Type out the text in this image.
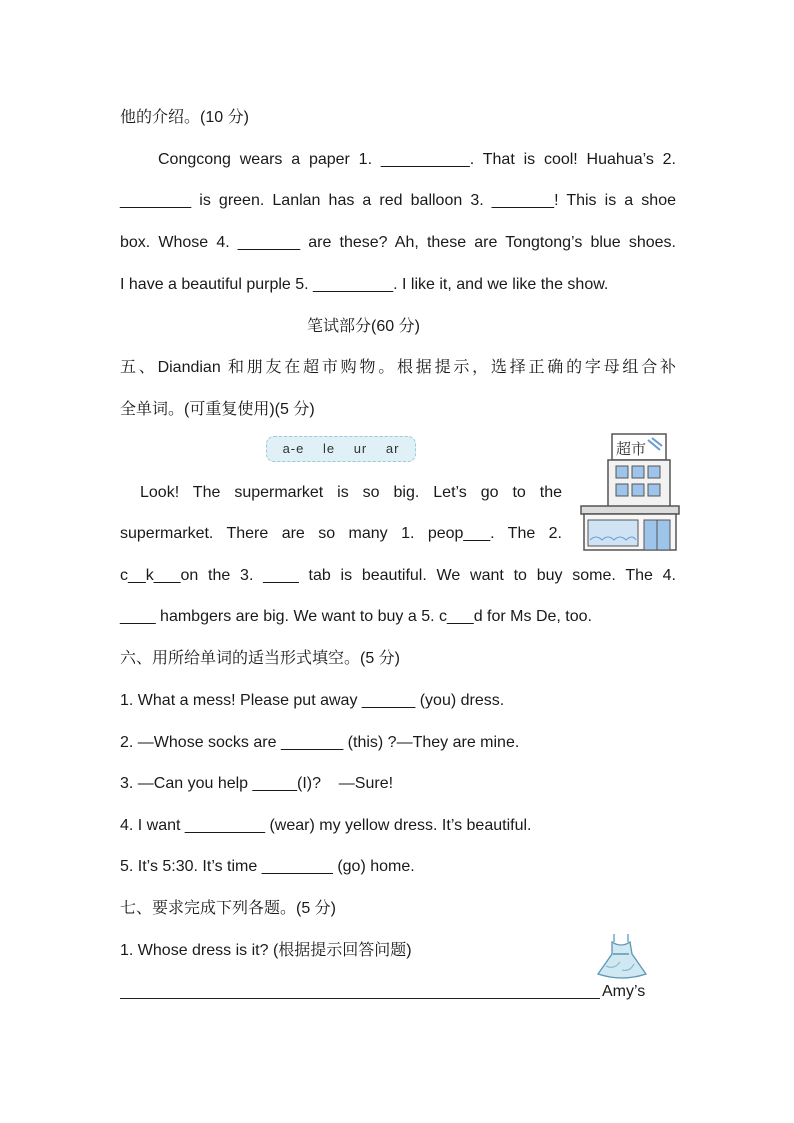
他的介绍。(10 分)
Congcong wears a paper 1. __________. That is cool! Huahua’s 2.
________ is green. Lanlan has a red balloon 3. _______! This is a shoe
box. Whose 4. _______ are these? Ah, these are Tongtong’s blue shoes.
I have a beautiful purple 5. _________. I like it, and we like the show.
笔试部分(60 分)
五、Diandian 和朋友在超市购物。根据提示，选择正确的字母组合补
全单词。(可重复使用)(5 分)
a-e le ur ar	超市
Look! The supermarket is so big. Let’s go to the
supermarket. There are so many 1. peop___. The 2.
c__k___on the 3. ____ tab is beautiful. We want to buy some. The 4.
____ hambgers are big. We want to buy a 5. c___d for Ms De, too.
六、用所给单词的适当形式填空。(5 分)
1. What a mess! Please put away ______ (you) dress.
2. —Whose socks are _______ (this) ?—They are mine.
3. —Can you help _____(I)?    —Sure!
4. I want _________ (wear) my yellow dress. It’s beautiful.
5. It’s 5:30. It’s time ________ (go) home.
七、要求完成下列各题。(5 分)
1. Whose dress is it? (根据提示回答问题)
Amy’s
